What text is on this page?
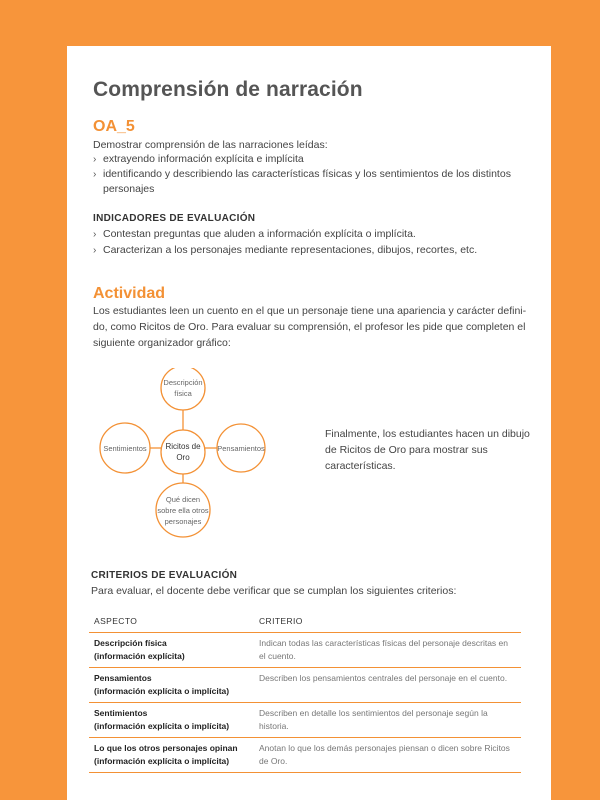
Comprensión de narración
OA_5
Demostrar comprensión de las narraciones leídas:
› extrayendo información explícita e implícita
› identificando y describiendo las características físicas y los sentimientos de los distintos personajes
INDICADORES DE EVALUACIÓN
› Contestan preguntas que aluden a información explícita o implícita.
› Caracterizan a los personajes mediante representaciones, dibujos, recortes, etc.
Actividad
Los estudiantes leen un cuento en el que un personaje tiene una apariencia y carácter defini-
do, como Ricitos de Oro. Para evaluar su comprensión, el profesor les pide que completen el
siguiente organizador gráfico:
Descripción
física
Ricitos de
Oro
Sentimientos	Pensamientos
Qué dicen
sobre ella otros
personajes
Finalmente, los estudiantes hacen un dibujo de Ricitos de Oro para mostrar sus características.
CRITERIOS DE EVALUACIÓN
Para evaluar, el docente debe verificar que se cumplan los siguientes criterios:
ASPECTO	CRITERIO

Descripción física
(información explícita)	Indican todas las características físicas del personaje descritas en el cuento.

Pensamientos
(información explícita o implícita)	Describen los pensamientos centrales del personaje en el cuento.

Sentimientos
(información explícita o implícita)	Describen en detalle los sentimientos del personaje según la historia.

Lo que los otros personajes opinan
(información explícita o implícita)	Anotan lo que los demás personajes piensan o dicen sobre Ricitos de Oro.
